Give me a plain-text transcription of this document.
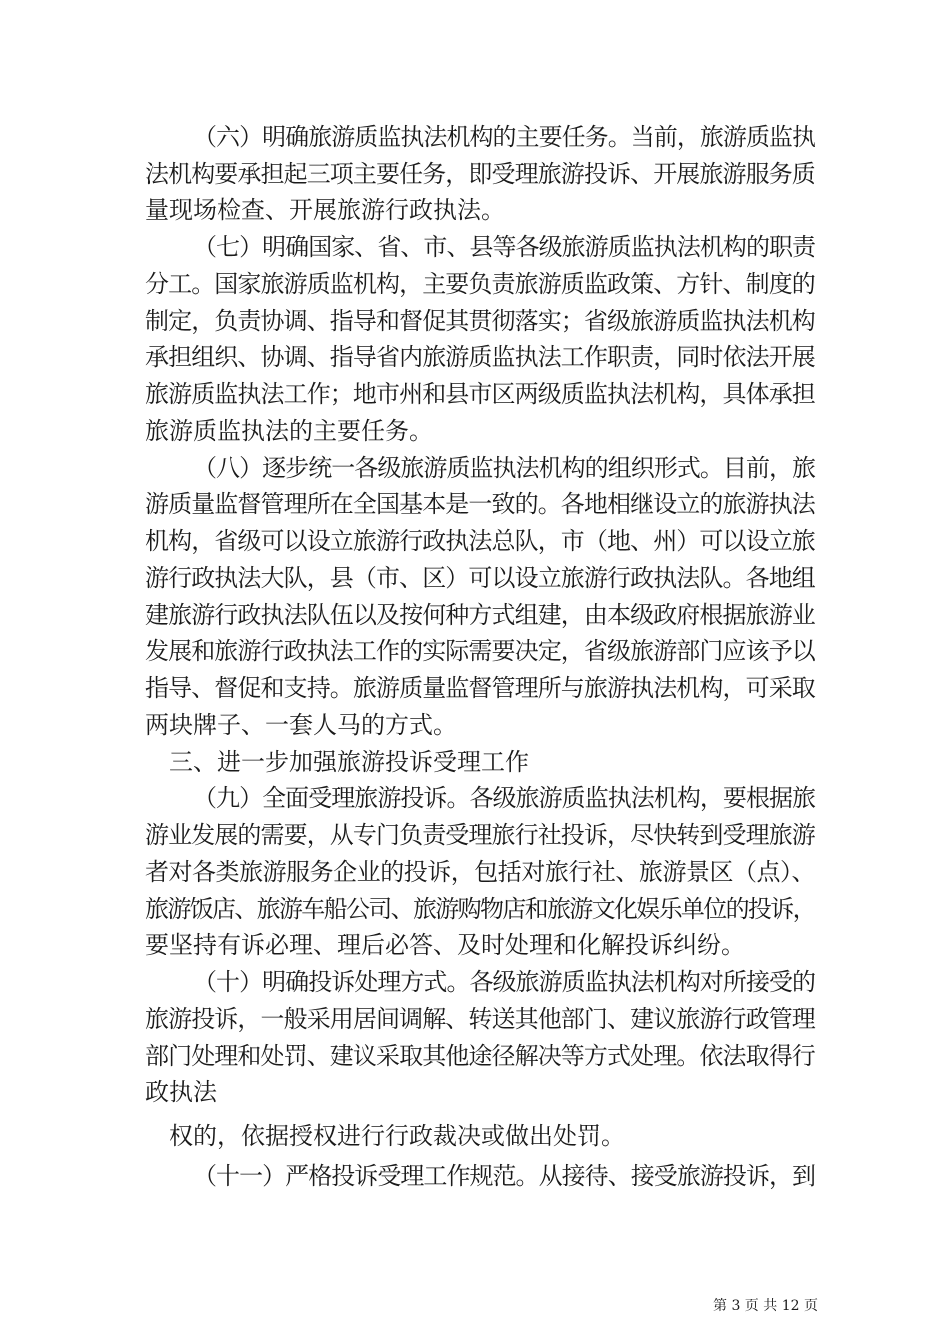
（六）明确旅游质监执法机构的主要任务。当前，旅游质监执
法机构要承担起三项主要任务，即受理旅游投诉、开展旅游服务质
量现场检查、开展旅游行政执法。
（七）明确国家、省、市、县等各级旅游质监执法机构的职责
分工。国家旅游质监机构，主要负责旅游质监政策、方针、制度的
制定，负责协调、指导和督促其贯彻落实；省级旅游质监执法机构
承担组织、协调、指导省内旅游质监执法工作职责，同时依法开展
旅游质监执法工作；地市州和县市区两级质监执法机构，具体承担
旅游质监执法的主要任务。
（八）逐步统一各级旅游质监执法机构的组织形式。目前，旅
游质量监督管理所在全国基本是一致的。各地相继设立的旅游执法
机构，省级可以设立旅游行政执法总队，市（地、州）可以设立旅
游行政执法大队，县（市、区）可以设立旅游行政执法队。各地组
建旅游行政执法队伍以及按何种方式组建，由本级政府根据旅游业
发展和旅游行政执法工作的实际需要决定，省级旅游部门应该予以
指导、督促和支持。旅游质量监督管理所与旅游执法机构，可采取
两块牌子、一套人马的方式。
三、进一步加强旅游投诉受理工作
（九）全面受理旅游投诉。各级旅游质监执法机构，要根据旅
游业发展的需要，从专门负责受理旅行社投诉，尽快转到受理旅游
者对各类旅游服务企业的投诉，包括对旅行社、旅游景区（点）、
旅游饭店、旅游车船公司、旅游购物店和旅游文化娱乐单位的投诉，
要坚持有诉必理、理后必答、及时处理和化解投诉纠纷。
（十）明确投诉处理方式。各级旅游质监执法机构对所接受的
旅游投诉，一般采用居间调解、转送其他部门、建议旅游行政管理
部门处理和处罚、建议采取其他途径解决等方式处理。依法取得行
政执法
权的，依据授权进行行政裁决或做出处罚。
（十一）严格投诉受理工作规范。从接待、接受旅游投诉，到
第 3 页 共 12 页
